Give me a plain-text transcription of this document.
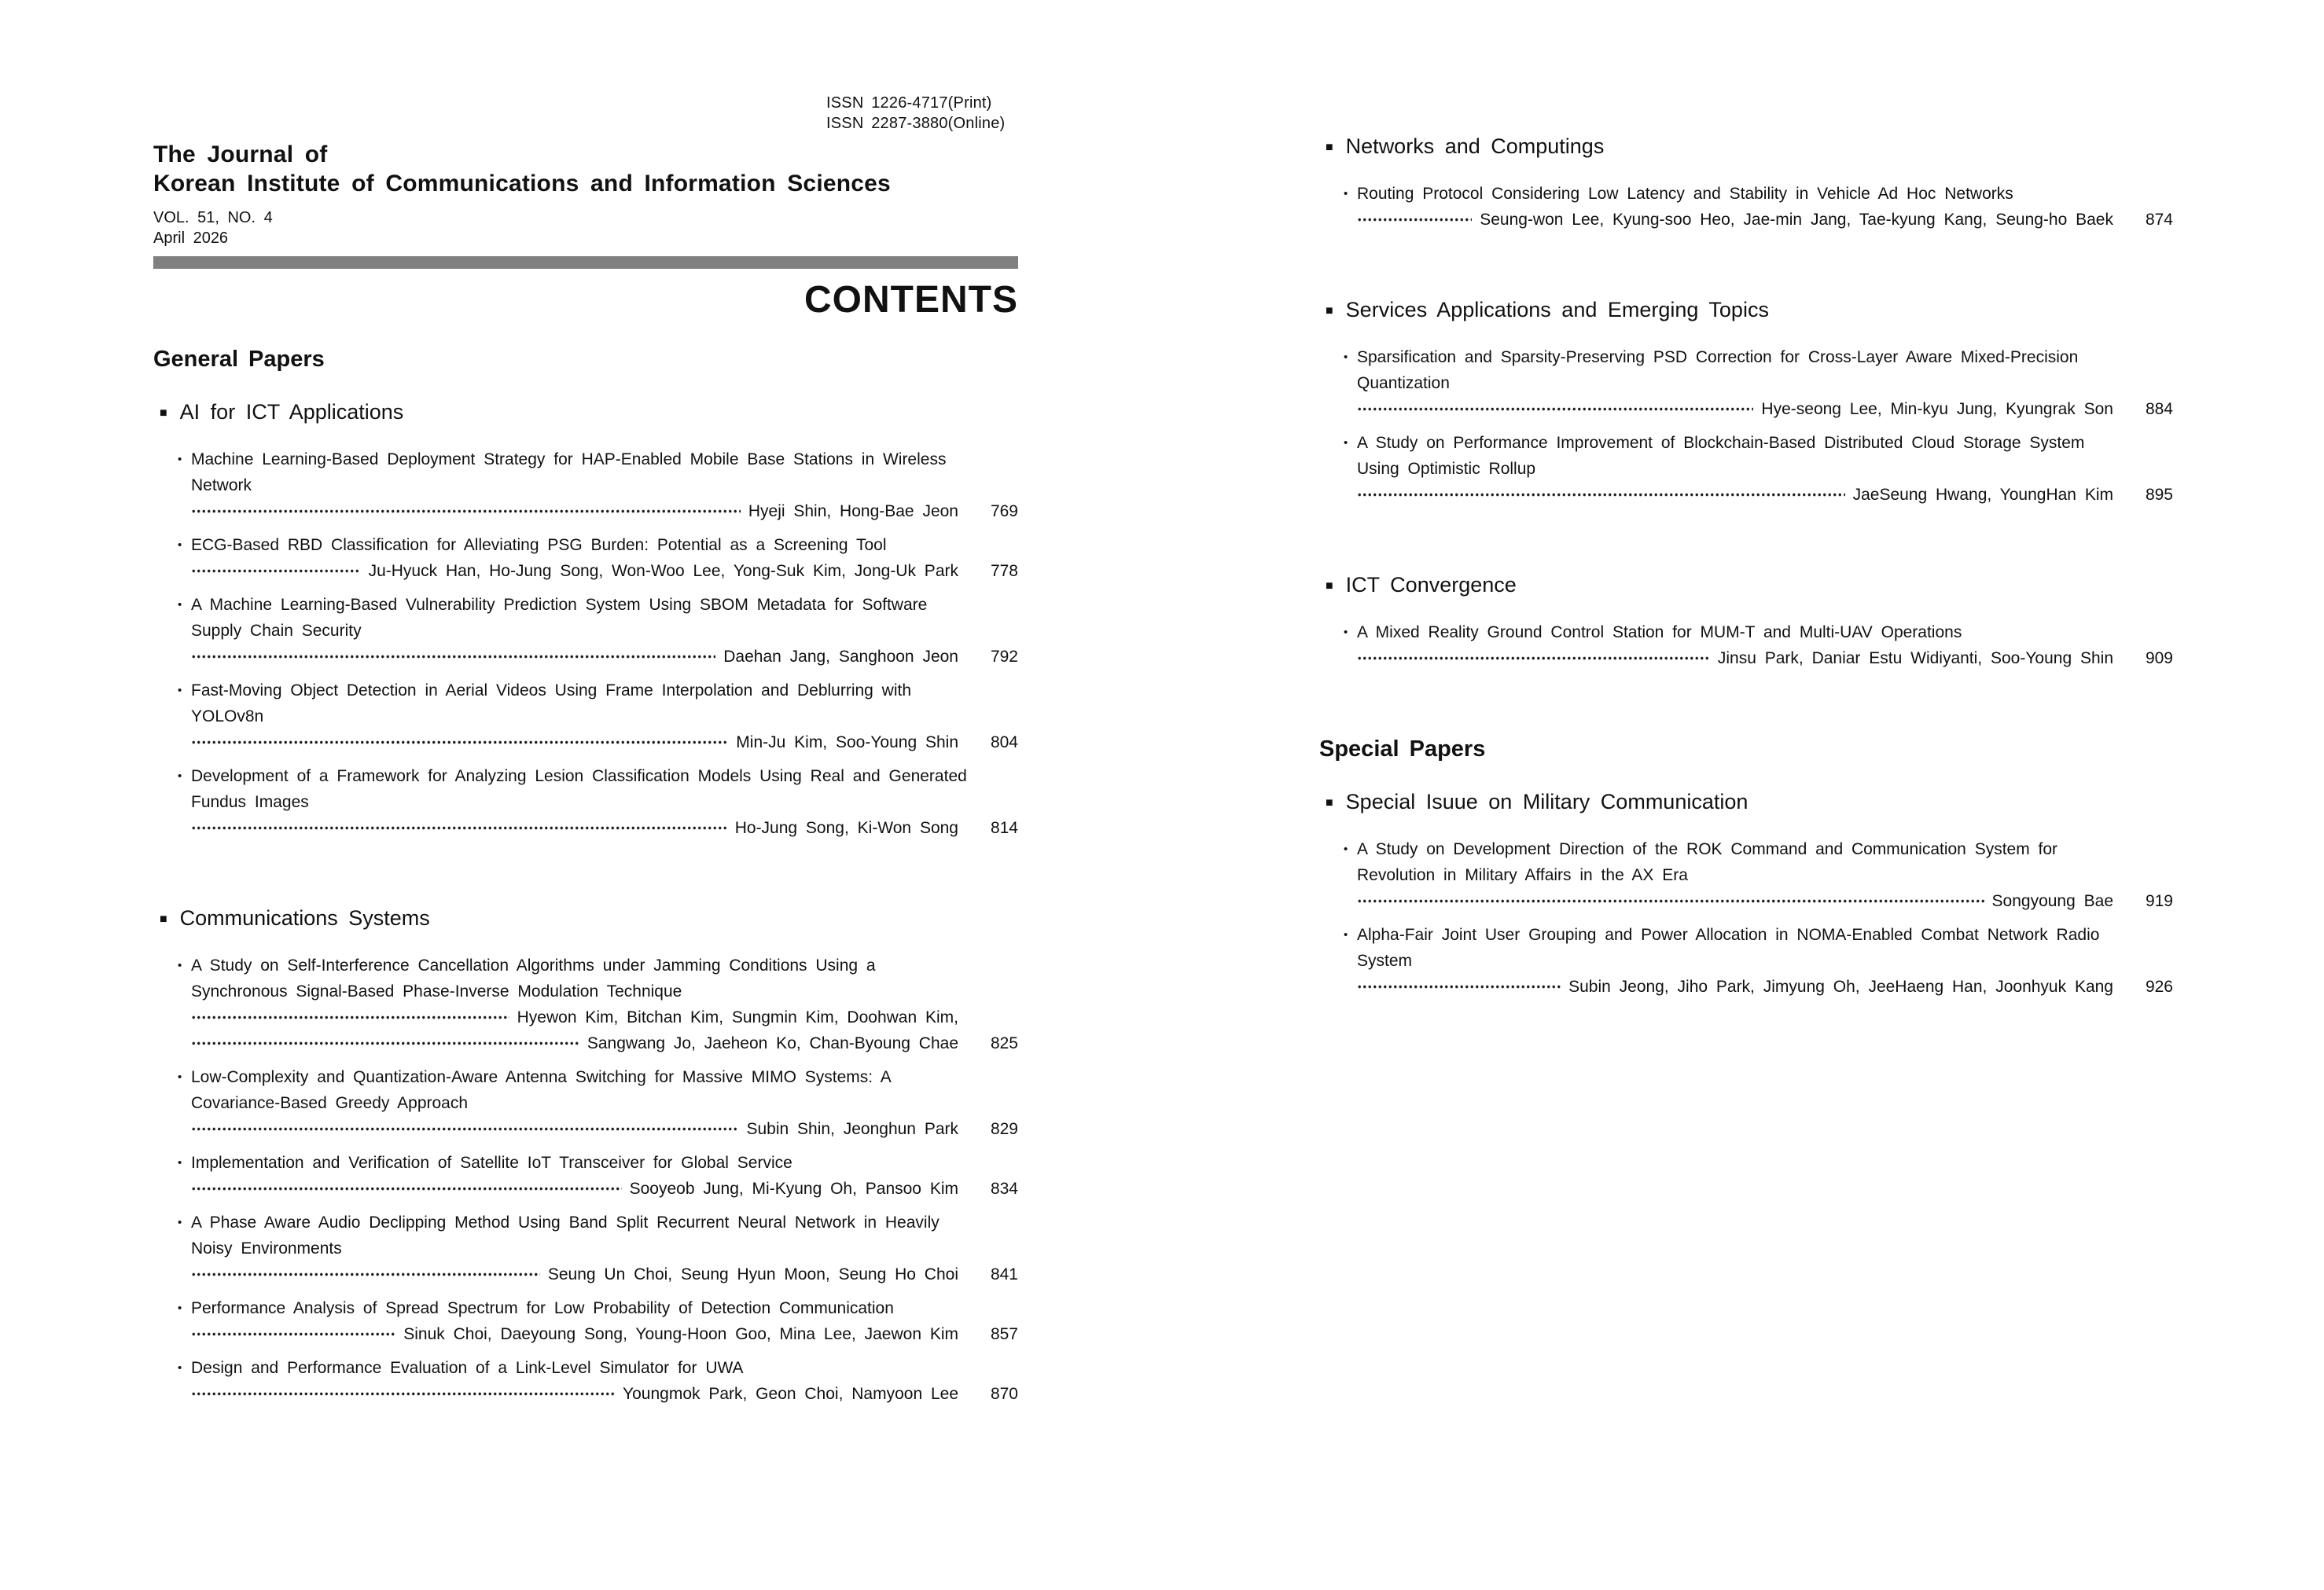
ISSN 1226-4717(Print)
ISSN 2287-3880(Online)
The Journal of
Korean Institute of Communications and Information Sciences
VOL. 51, NO. 4
April 2026
CONTENTS
General Papers
■ AI for ICT Applications
• Machine Learning-Based Deployment Strategy for HAP-Enabled Mobile Base Stations in Wireless
Network
Hyeji Shin, Hong-Bae Jeon	769
• ECG-Based RBD Classification for Alleviating PSG Burden: Potential as a Screening Tool
Ju-Hyuck Han, Ho-Jung Song, Won-Woo Lee, Yong-Suk Kim, Jong-Uk Park	778
• A Machine Learning-Based Vulnerability Prediction System Using SBOM Metadata for Software
Supply Chain Security
Daehan Jang, Sanghoon Jeon	792
• Fast-Moving Object Detection in Aerial Videos Using Frame Interpolation and Deblurring with
YOLOv8n
Min-Ju Kim, Soo-Young Shin	804
• Development of a Framework for Analyzing Lesion Classification Models Using Real and Generated
Fundus Images
Ho-Jung Song, Ki-Won Song	814
■ Communications Systems
• A Study on Self-Interference Cancellation Algorithms under Jamming Conditions Using a
Synchronous Signal-Based Phase-Inverse Modulation Technique
Hyewon Kim, Bitchan Kim, Sungmin Kim, Doohwan Kim,
Sangwang Jo, Jaeheon Ko, Chan-Byoung Chae	825
• Low-Complexity and Quantization-Aware Antenna Switching for Massive MIMO Systems: A
Covariance-Based Greedy Approach
Subin Shin, Jeonghun Park	829
• Implementation and Verification of Satellite IoT Transceiver for Global Service
Sooyeob Jung, Mi-Kyung Oh, Pansoo Kim	834
• A Phase Aware Audio Declipping Method Using Band Split Recurrent Neural Network in Heavily
Noisy Environments
Seung Un Choi, Seung Hyun Moon, Seung Ho Choi	841
• Performance Analysis of Spread Spectrum for Low Probability of Detection Communication
Sinuk Choi, Daeyoung Song, Young-Hoon Goo, Mina Lee, Jaewon Kim	857
• Design and Performance Evaluation of a Link-Level Simulator for UWA
Youngmok Park, Geon Choi, Namyoon Lee	870
■ Networks and Computings
• Routing Protocol Considering Low Latency and Stability in Vehicle Ad Hoc Networks
Seung-won Lee, Kyung-soo Heo, Jae-min Jang, Tae-kyung Kang, Seung-ho Baek	874
■ Services Applications and Emerging Topics
• Sparsification and Sparsity-Preserving PSD Correction for Cross-Layer Aware Mixed-Precision
Quantization
Hye-seong Lee, Min-kyu Jung, Kyungrak Son	884
• A Study on Performance Improvement of Blockchain-Based Distributed Cloud Storage System
Using Optimistic Rollup
JaeSeung Hwang, YoungHan Kim	895
■ ICT Convergence
• A Mixed Reality Ground Control Station for MUM-T and Multi-UAV Operations
Jinsu Park, Daniar Estu Widiyanti, Soo-Young Shin	909
Special Papers
■ Special Isuue on Military Communication
• A Study on Development Direction of the ROK Command and Communication System for
Revolution in Military Affairs in the AX Era
Songyoung Bae	919
• Alpha-Fair Joint User Grouping and Power Allocation in NOMA-Enabled Combat Network Radio
System
Subin Jeong, Jiho Park, Jimyung Oh, JeeHaeng Han, Joonhyuk Kang	926
